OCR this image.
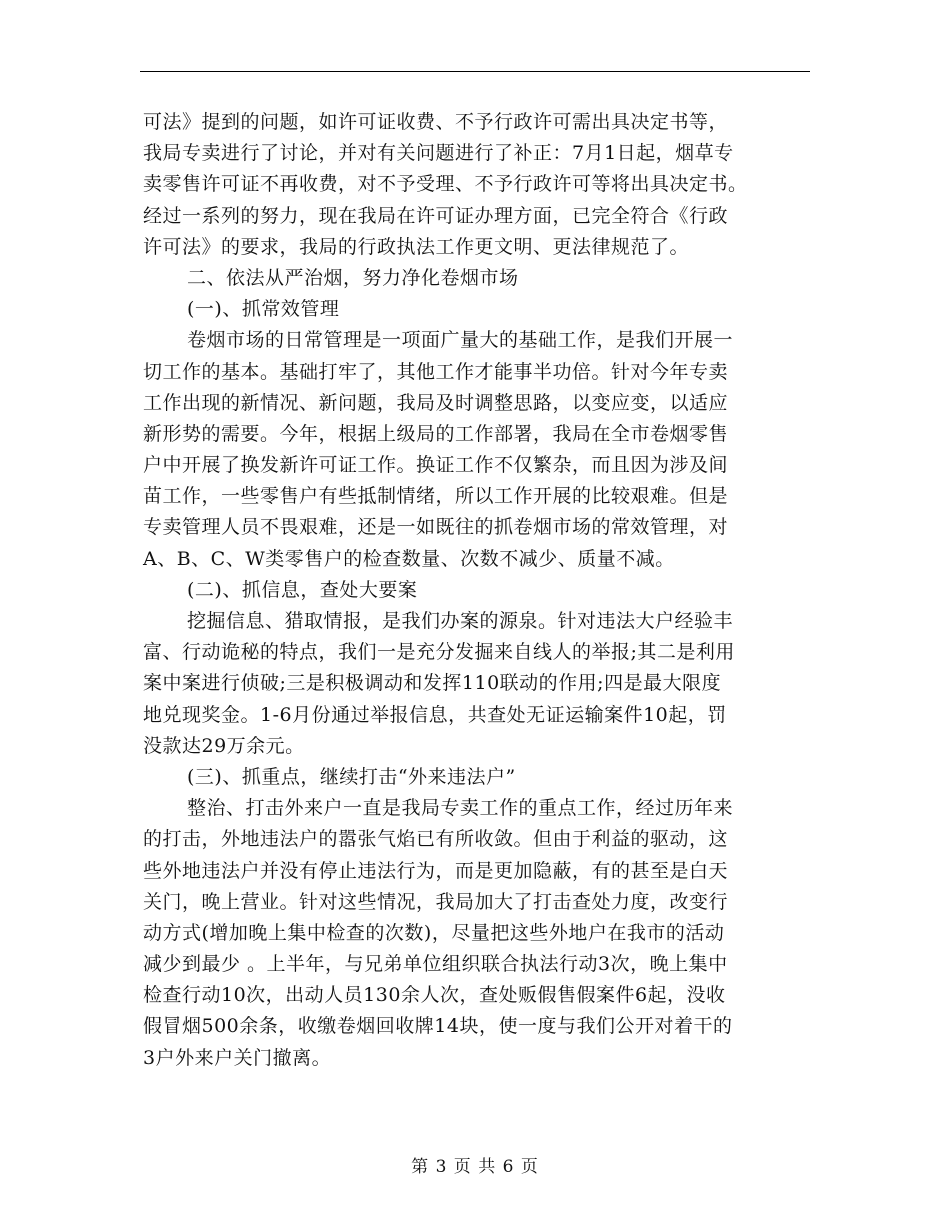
可法》提到的问题，如许可证收费、不予行政许可需出具决定书等，
我局专卖进行了讨论，并对有关问题进行了补正：7月1日起，烟草专
卖零售许可证不再收费，对不予受理、不予行政许可等将出具决定书。
经过一系列的努力，现在我局在许可证办理方面，已完全符合《行政
许可法》的要求，我局的行政执法工作更文明、更法律规范了。
二、依法从严治烟，努力净化卷烟市场
(一)、抓常效管理
卷烟市场的日常管理是一项面广量大的基础工作，是我们开展一
切工作的基本。基础打牢了，其他工作才能事半功倍。针对今年专卖
工作出现的新情况、新问题，我局及时调整思路，以变应变，以适应
新形势的需要。今年，根据上级局的工作部署，我局在全市卷烟零售
户中开展了换发新许可证工作。换证工作不仅繁杂，而且因为涉及间
苗工作，一些零售户有些抵制情绪，所以工作开展的比较艰难。但是
专卖管理人员不畏艰难，还是一如既往的抓卷烟市场的常效管理，对
A、B、C、W类零售户的检查数量、次数不减少、质量不减。
(二)、抓信息，查处大要案
挖掘信息、猎取情报，是我们办案的源泉。针对违法大户经验丰
富、行动诡秘的特点，我们一是充分发掘来自线人的举报;其二是利用
案中案进行侦破;三是积极调动和发挥110联动的作用;四是最大限度
地兑现奖金。1-6月份通过举报信息，共查处无证运输案件10起，罚
没款达29万余元。
(三)、抓重点，继续打击“外来违法户”
整治、打击外来户一直是我局专卖工作的重点工作，经过历年来
的打击，外地违法户的嚣张气焰已有所收敛。但由于利益的驱动，这
些外地违法户并没有停止违法行为，而是更加隐蔽，有的甚至是白天
关门，晚上营业。针对这些情况，我局加大了打击查处力度，改变行
动方式(增加晚上集中检查的次数)，尽量把这些外地户在我市的活动
减少到最少 。上半年，与兄弟单位组织联合执法行动3次，晚上集中
检查行动10次，出动人员130余人次，查处贩假售假案件6起，没收
假冒烟500余条，收缴卷烟回收牌14块，使一度与我们公开对着干的
3户外来户关门撤离。
第 3 页 共 6 页
